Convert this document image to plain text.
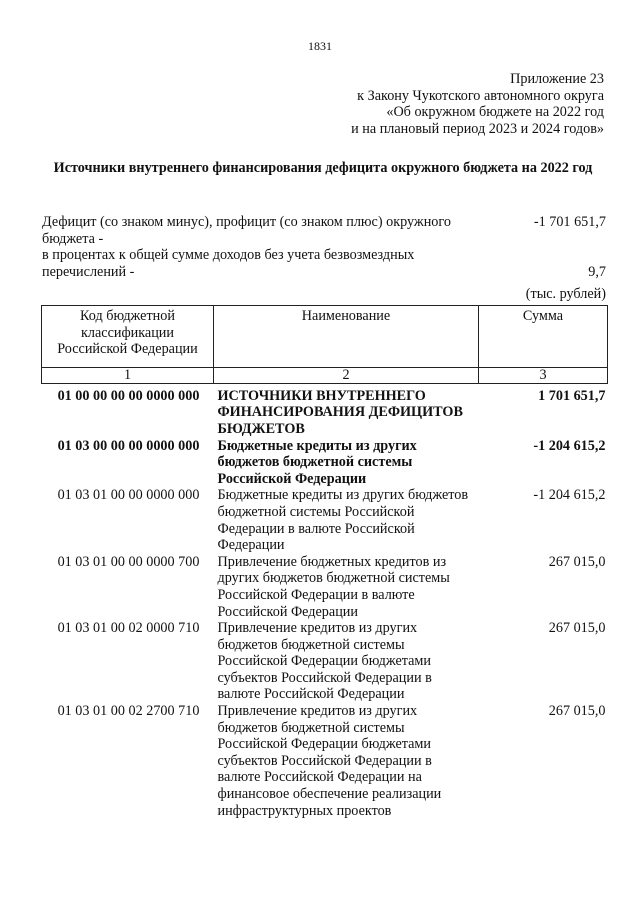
1831
Приложение 23
к Закону Чукотского автономного округа
«Об окружном бюджете на 2022 год
и на плановый период 2023 и 2024 годов»
Источники внутреннего финансирования дефицита окружного бюджета на 2022 год
Дефицит (со знаком минус), профицит (со знаком плюс) окружного бюджета -
-1 701 651,7
в процентах к общей сумме доходов без учета безвозмездных перечислений -	9,7
(тыс. рублей)
Код бюджетной классификации Российской Федерации	Наименование	Сумма
1	2	3

01 00 00 00 00 0000 000	ИСТОЧНИКИ ВНУТРЕННЕГО ФИНАНСИРОВАНИЯ ДЕФИЦИТОВ БЮДЖЕТОВ	1 701 651,7
01 03 00 00 00 0000 000	Бюджетные кредиты из других бюджетов бюджетной системы Российской Федерации	-1 204 615,2
01 03 01 00 00 0000 000	Бюджетные кредиты из других бюджетов бюджетной системы Российской Федерации в валюте Российской Федерации	-1 204 615,2
01 03 01 00 00 0000 700	Привлечение бюджетных кредитов из других бюджетов бюджетной системы Российской Федерации в валюте Российской Федерации	267 015,0
01 03 01 00 02 0000 710	Привлечение кредитов из других бюджетов бюджетной системы Российской Федерации бюджетами субъектов Российской Федерации в валюте Российской Федерации	267 015,0
01 03 01 00 02 2700 710	Привлечение кредитов из других бюджетов бюджетной системы Российской Федерации бюджетами субъектов Российской Федерации в валюте Российской Федерации на финансовое обеспечение реализации инфраструктурных проектов	267 015,0
